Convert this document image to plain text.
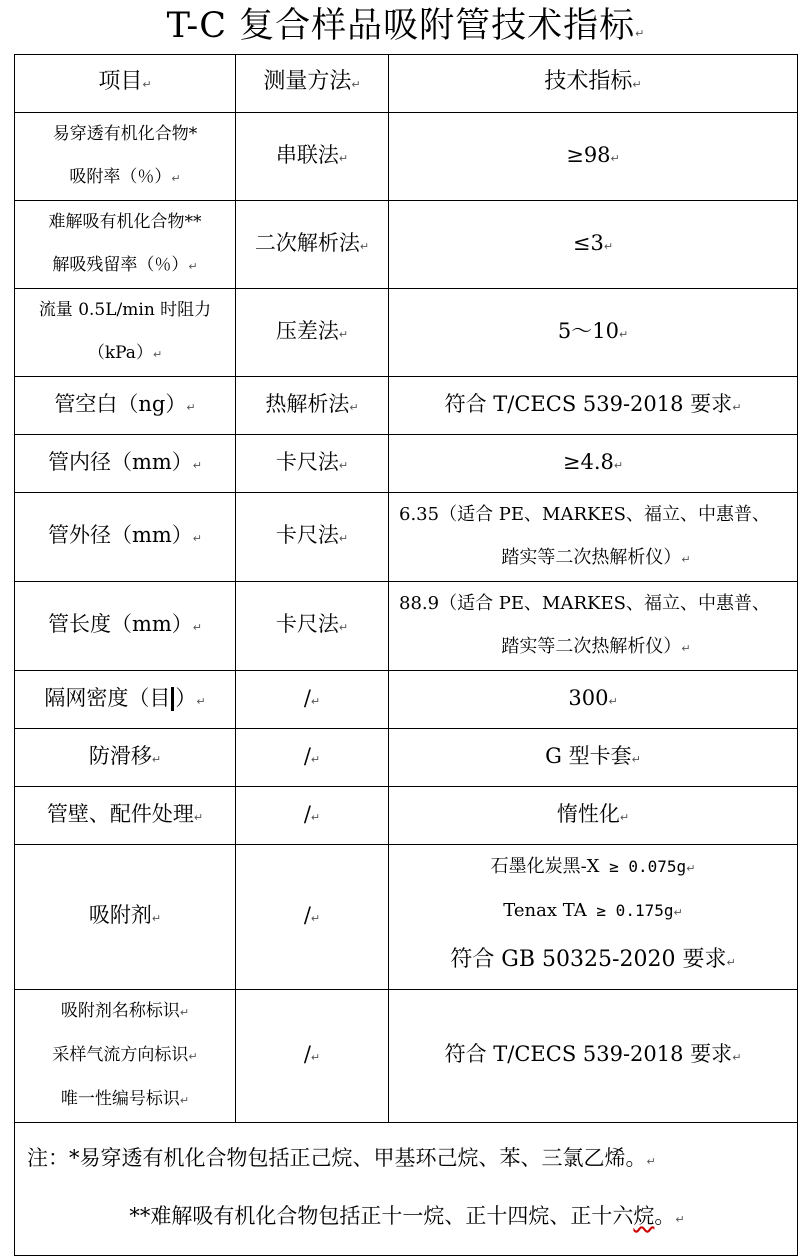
T-C 复合样品吸附管技术指标↵
项目↵	测量方法↵	技术指标↵

易穿透有机化合物*
吸附率（％）↵	串联法↵	≥98↵

难解吸有机化合物**
解吸残留率（％）↵	二次解析法↵	≤3↵

流量 0.5L/min 时阻力
（kPa）↵	压差法↵	5～10↵
管空白（ng）↵	热解析法↵	符合 T/CECS 539-2018 要求↵
管内径（mm）↵	卡尺法↵	≥4.8↵
管外径（mm）↵	卡尺法↵	6.35（适合 PE、MARKES、福立、中惠普、
踏实等二次热解析仪）↵

管长度（mm）↵	卡尺法↵	88.9（适合 PE、MARKES、福立、中惠普、
踏实等二次热解析仪）↵

隔网密度（目 ）↵	/↵	300↵
防滑移↵	/↵	G 型卡套↵
管壁、配件处理↵	/↵	惰性化↵
吸附剂↵	/↵	石墨化炭黑-X ≥ 0.075g↵
Tenax TA ≥ 0.175g↵
符合 GB 50325-2020 要求↵

吸附剂名称标识↵
采样气流方向标识↵
唯一性编号标识↵	/↵	符合 T/CECS 539-2018 要求↵

注：*易穿透有机化合物包括正己烷、甲基环己烷、苯、三氯乙烯。↵
**难解吸有机化合物包括正十一烷、正十四烷、正十六烷。↵		
